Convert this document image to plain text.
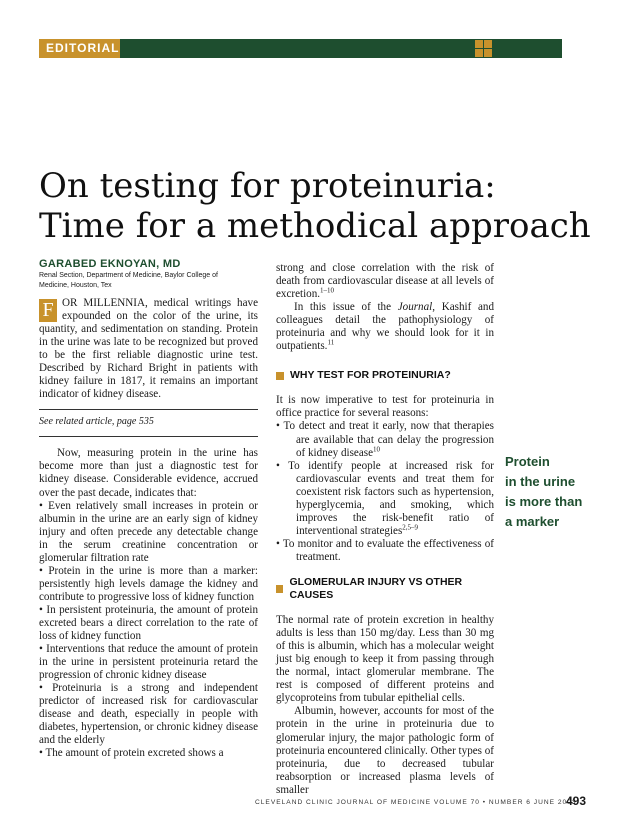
EDITORIAL
On testing for proteinuria:
Time for a methodical approach
GARABED EKNOYAN, MD
Renal Section, Department of Medicine, Baylor College of Medicine, Houston, Tex

F OR MILLENNIA, medical writings have expounded on the color of the urine, its quantity, and sedimentation on standing. Protein in the urine was late to be recognized but proved to be the first reliable diagnostic urine test. Described by Richard Bright in patients with kidney failure in 1817, it remains an important indicator of kidney disease.

See related article, page 535

Now, measuring protein in the urine has become more than just a diagnostic test for kidney disease. Considerable evidence, accrued over the past decade, indicates that:

• Even relatively small increases in protein or albumin in the urine are an early sign of kidney injury and often precede any detectable change in the serum creatinine concentration or glomerular filtration rate

• Protein in the urine is more than a marker: persistently high levels damage the kidney and contribute to progressive loss of kidney function

• In persistent proteinuria, the amount of protein excreted bears a direct correlation to the rate of loss of kidney function

• Interventions that reduce the amount of protein in the urine in persistent proteinuria retard the progression of chronic kidney disease

• Proteinuria is a strong and independent predictor of increased risk for cardiovascular disease and death, especially in people with diabetes, hypertension, or chronic kidney disease and the elderly

• The amount of protein excreted shows a

strong and close correlation with the risk of death from cardiovascular disease at all levels of excretion.$^{1-10}$

In this issue of the Journal, Kashif and colleagues detail the pathophysiology of proteinuria and why we should look for it in outpatients.$^{11}$

WHY TEST FOR PROTEINURIA?

It is now imperative to test for proteinuria in office practice for several reasons:

• To detect and treat it early, now that therapies are available that can delay the progression of kidney disease$^{10}$

• To identify people at increased risk for cardiovascular events and treat them for coexistent risk factors such as hypertension, hyperglycemia, and smoking, which improves the risk-benefit ratio of interventional strategies$^{2,5-9}$

• To monitor and to evaluate the effectiveness of treatment.

GLOMERULAR INJURY VS OTHER CAUSES

The normal rate of protein excretion in healthy adults is less than 150 mg/day. Less than 30 mg of this is albumin, which has a molecular weight just big enough to keep it from passing through the normal, intact glomerular membrane. The rest is composed of different proteins and glycoproteins from tubular epithelial cells.

Albumin, however, accounts for most of the protein in the urine in proteinuria due to glomerular injury, the major pathologic form of proteinuria encountered clinically. Other types of proteinuria, due to decreased tubular reabsorption or increased plasma levels of smaller

Protein
in the urine
is more than
a marker
CLEVELAND CLINIC JOURNAL OF MEDICINE VOLUME 70 • NUMBER 6 JUNE 2003
493
